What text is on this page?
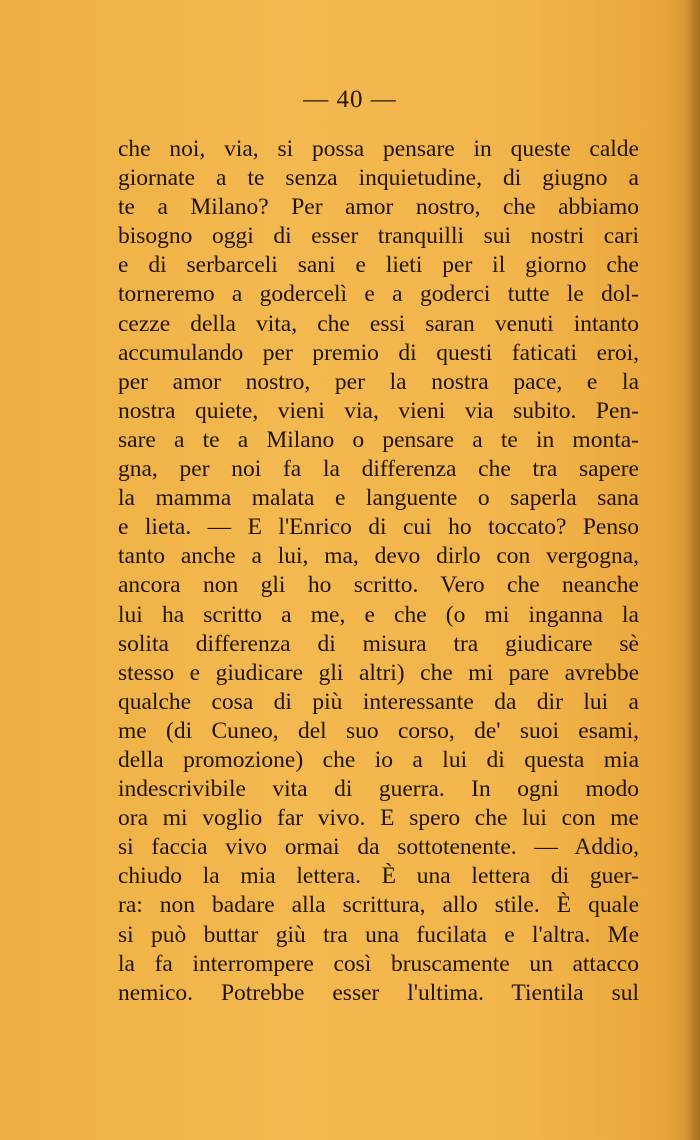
— 40 —
che noi, via, si possa pensare in queste calde
giornate a te senza inquietudine, di giugno a
te a Milano? Per amor nostro, che abbiamo
bisogno oggi di esser tranquilli sui nostri cari
e di serbarceli sani e lieti per il giorno che
torneremo a godercelì e a goderci tutte le dol-
cezze della vita, che essi saran venuti intanto
accumulando per premio di questi faticati eroi,
per amor nostro, per la nostra pace, e la
nostra quiete, vieni via, vieni via subito. Pen-
sare a te a Milano o pensare a te in monta-
gna, per noi fa la differenza che tra sapere
la mamma malata e languente o saperla sana
e lieta. — E l'Enrico di cui ho toccato? Penso
tanto anche a lui, ma, devo dirlo con vergogna,
ancora non gli ho scritto. Vero che neanche
lui ha scritto a me, e che (o mi inganna la
solita differenza di misura tra giudicare sè
stesso e giudicare gli altri) che mi pare avrebbe
qualche cosa di più interessante da dir lui a
me (di Cuneo, del suo corso, de' suoi esami,
della promozione) che io a lui di questa mia
indescrivibile vita di guerra. In ogni modo
ora mi voglio far vivo. E spero che lui con me
si faccia vivo ormai da sottotenente. — Addio,
chiudo la mia lettera. È una lettera di guer-
ra: non badare alla scrittura, allo stile. È quale
si può buttar giù tra una fucilata e l'altra. Me
la fa interrompere così bruscamente un attacco
nemico. Potrebbe esser l'ultima. Tientila sul
